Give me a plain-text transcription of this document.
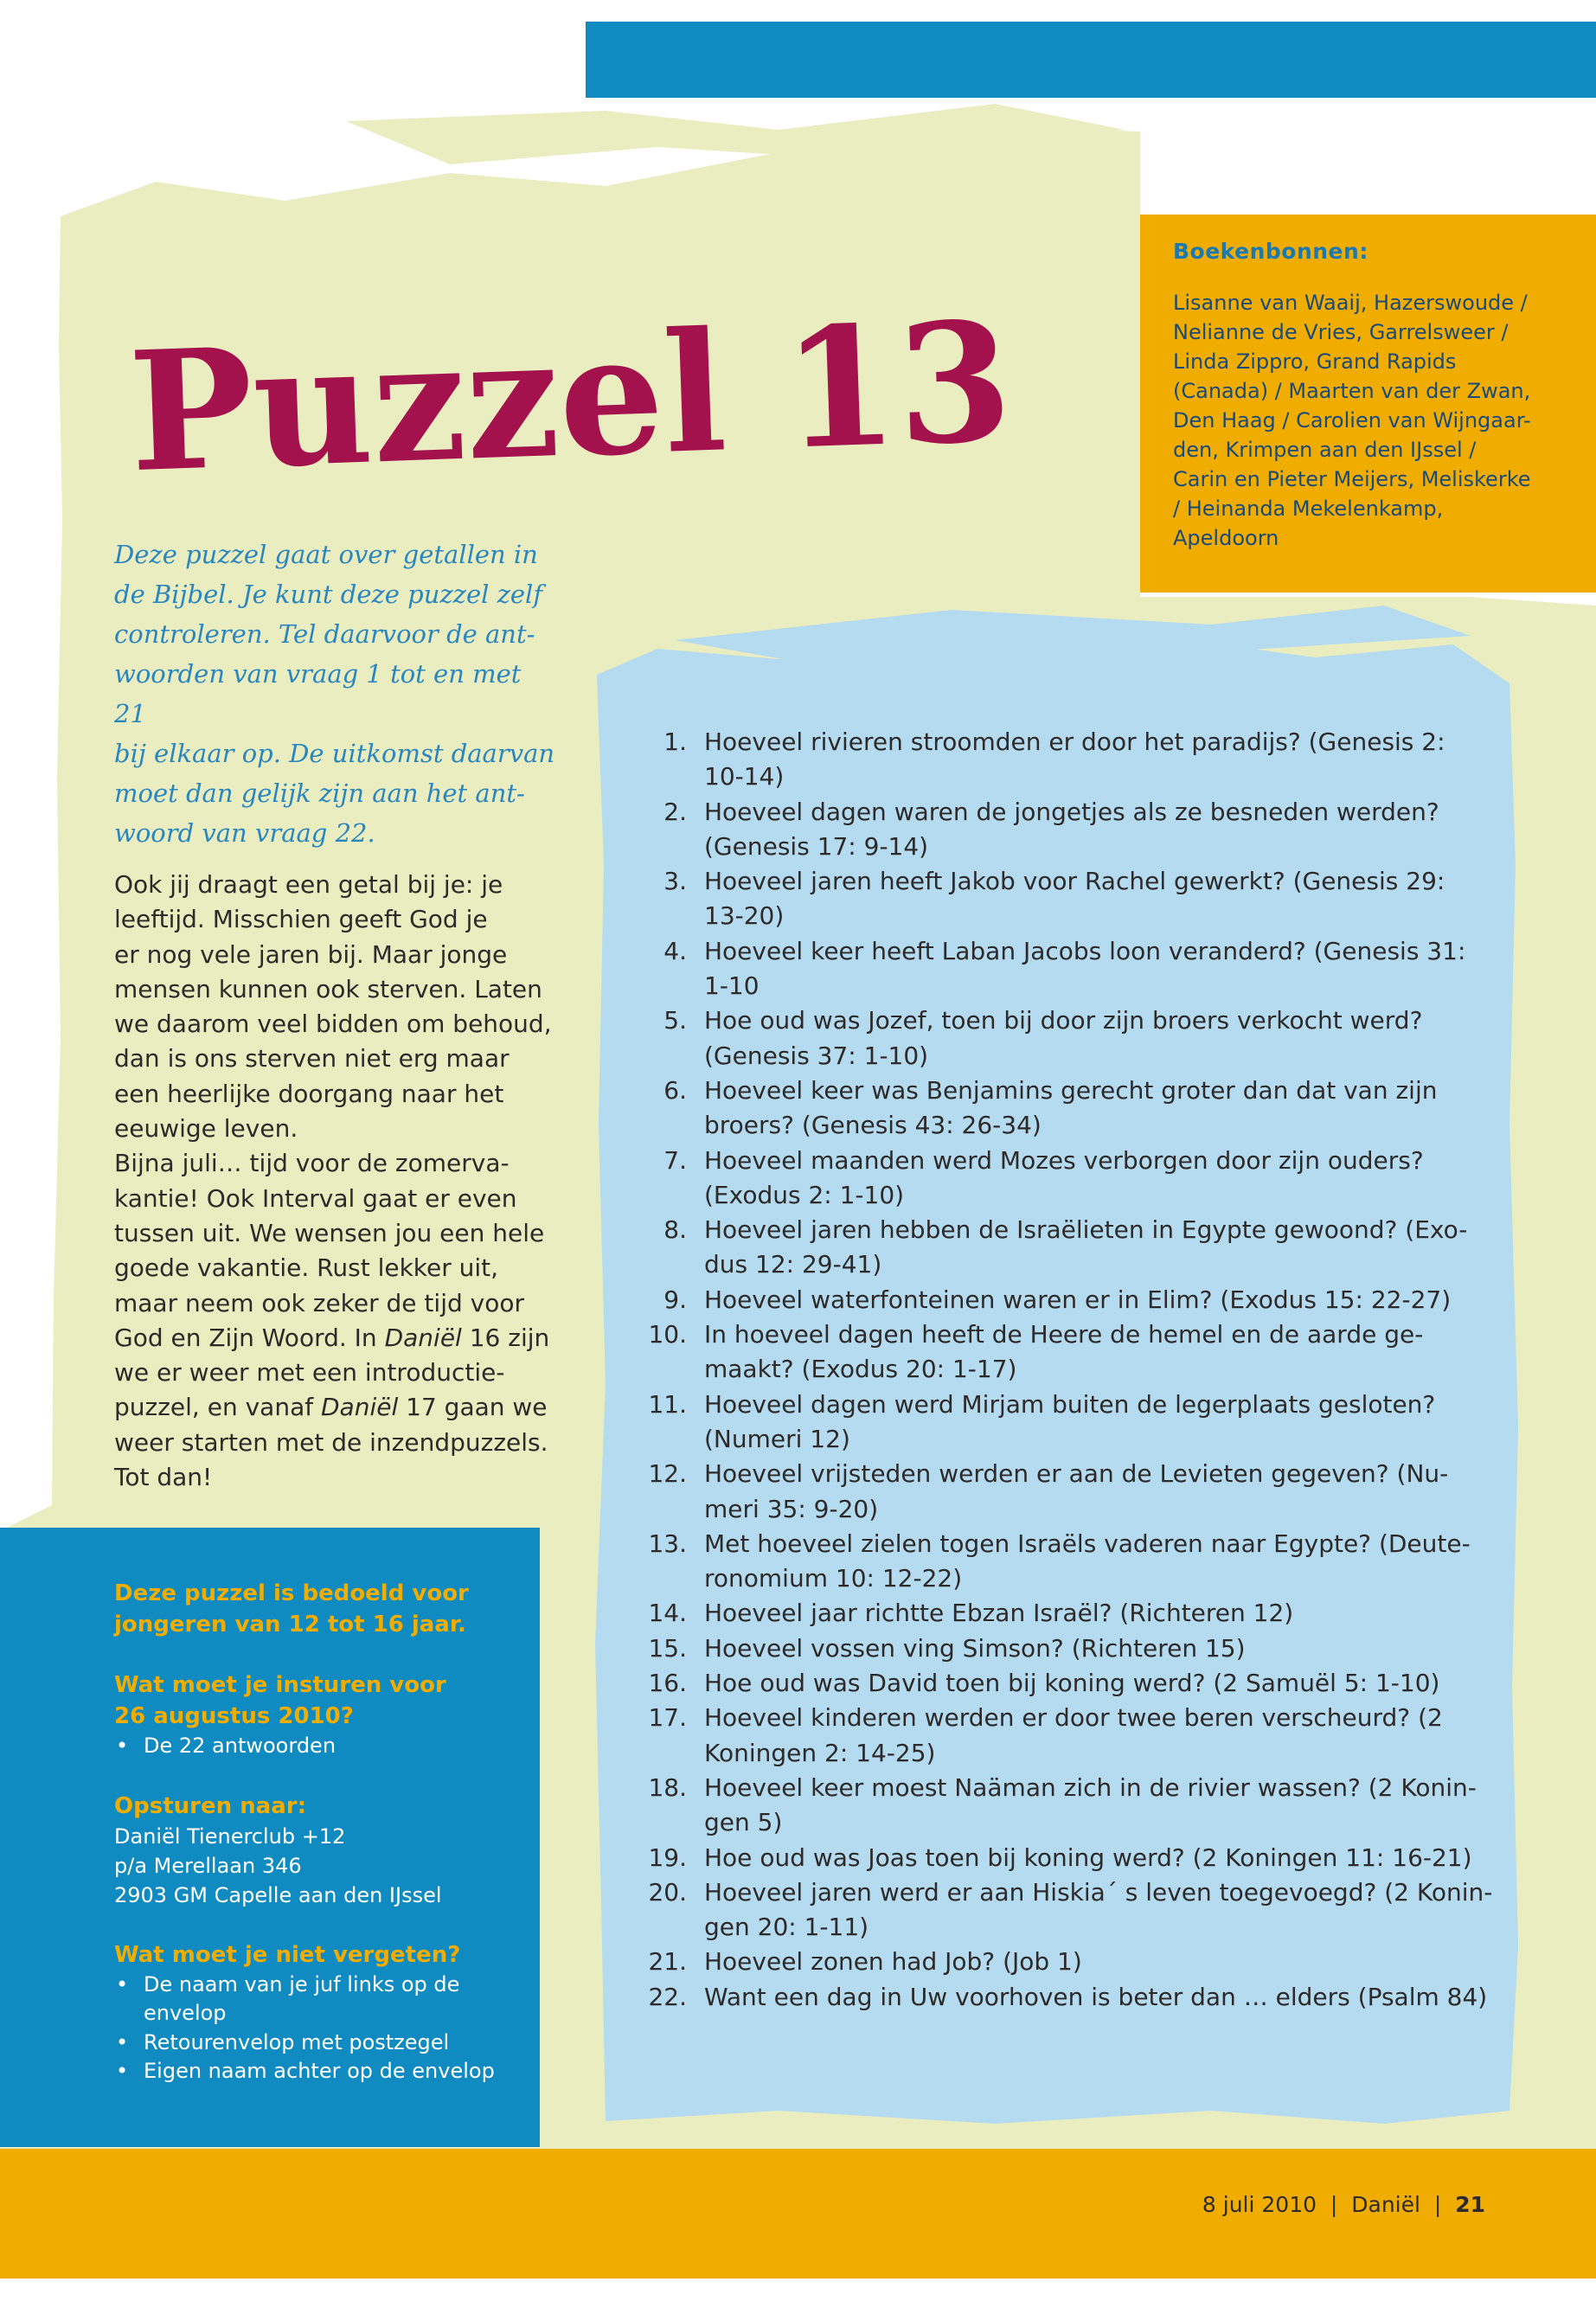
Puzzel 13
Boekenbonnen:

Lisanne van Waaij, Hazerswoude /
Nelianne de Vries, Garrelsweer /
Linda Zippro, Grand Rapids
(Canada) / Maarten van der Zwan,
Den Haag / Carolien van Wijngaar-
den, Krimpen aan den IJssel /
Carin en Pieter Meijers, Meliskerke
/ Heinanda Mekelenkamp,
Apeldoorn

Deze puzzel gaat over getallen in
de Bijbel. Je kunt deze puzzel zelf
controleren. Tel daarvoor de ant-
woorden van vraag 1 tot en met 21
bij elkaar op. De uitkomst daarvan
moet dan gelijk zijn aan het ant-
woord van vraag 22.
Ook jij draagt een getal bij je: je
leeftijd. Misschien geeft God je
er nog vele jaren bij. Maar jonge
mensen kunnen ook sterven. Laten
we daarom veel bidden om behoud,
dan is ons sterven niet erg maar
een heerlijke doorgang naar het
eeuwige leven.
Bijna juli… tijd voor de zomerva-
kantie! Ook Interval gaat er even
tussen uit. We wensen jou een hele
goede vakantie. Rust lekker uit,
maar neem ook zeker de tijd voor
God en Zijn Woord. In Daniël 16 zijn
we er weer met een introductie-
puzzel, en vanaf Daniël 17 gaan we
weer starten met de inzendpuzzels.
Tot dan!

Deze puzzel is bedoeld voor
jongeren van 12 tot 16 jaar.

Wat moet je insturen voor
26 augustus 2010?

• De 22 antwoorden

Opsturen naar:

Daniël Tienerclub +12

p/a Merellaan 346

2903 GM Capelle aan den IJssel

Wat moet je niet vergeten?

• De naam van je juf links op de
envelop
• Retourenvelop met postzegel
• Eigen naam achter op de envelop
1. Hoeveel rivieren stroomden er door het paradijs? (Genesis 2:
10-14)
2. Hoeveel dagen waren de jongetjes als ze besneden werden?
(Genesis 17: 9-14)
3. Hoeveel jaren heeft Jakob voor Rachel gewerkt? (Genesis 29:
13-20)
4. Hoeveel keer heeft Laban Jacobs loon veranderd? (Genesis 31:
1-10
5. Hoe oud was Jozef, toen bij door zijn broers verkocht werd?
(Genesis 37: 1-10)
6. Hoeveel keer was Benjamins gerecht groter dan dat van zijn
broers? (Genesis 43: 26-34)
7. Hoeveel maanden werd Mozes verborgen door zijn ouders?
(Exodus 2: 1-10)
8. Hoeveel jaren hebben de Israëlieten in Egypte gewoond? (Exo-
dus 12: 29-41)
9. Hoeveel waterfonteinen waren er in Elim? (Exodus 15: 22-27)
10. In hoeveel dagen heeft de Heere de hemel en de aarde ge-
maakt? (Exodus 20: 1-17)
11. Hoeveel dagen werd Mirjam buiten de legerplaats gesloten?
(Numeri 12)
12. Hoeveel vrijsteden werden er aan de Levieten gegeven? (Nu-
meri 35: 9-20)
13. Met hoeveel zielen togen Israëls vaderen naar Egypte? (Deute-
ronomium 10: 12-22)
14. Hoeveel jaar richtte Ebzan Israël? (Richteren 12)
15. Hoeveel vossen ving Simson? (Richteren 15)
16. Hoe oud was David toen bij koning werd? (2 Samuël 5: 1-10)
17. Hoeveel kinderen werden er door twee beren verscheurd? (2
Koningen 2: 14-25)
18. Hoeveel keer moest Naäman zich in de rivier wassen? (2 Konin-
gen 5)
19. Hoe oud was Joas toen bij koning werd? (2 Koningen 11: 16-21)
20. Hoeveel jaren werd er aan Hiskia´ s leven toegevoegd? (2 Konin-
gen 20: 1-11)
21. Hoeveel zonen had Job? (Job 1)
22. Want een dag in Uw voorhoven is beter dan … elders (Psalm 84)
8 juli 2010 | Daniël | 21
